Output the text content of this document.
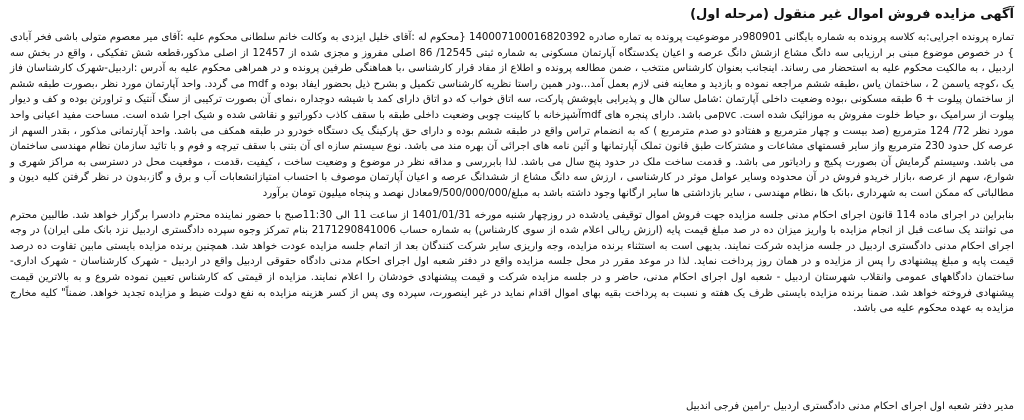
آگهی مزایده فروش اموال غیر منقول (مرحله اول)

تماره پرونده اجرایی:به کلاسه پرونده به شماره بایگانی 980901در موضوعیت پرونده به تماره صادره 140007100016820392 {محکوم له :آقای خلیل ایزدی به وکالت خانم سلطانی محکوم علیه :آقای میر معصوم متولی باشی فخر آبادی } در خصوص موضوع مبنی بر ارزیابی سه دانگ مشاع ازشش دانگ عرصه و اعیان یکدستگاه آپارتمان مسکونی به شماره ثبتی 12545/ 86 اصلی مفروز و مجزی شده از 12457 از اصلی مذکور،قطعه شش تفکیکی ، واقع در بخش سه اردبیل ، به مالکیت محکوم علیه به استحضار می رساند. اینجانب بعنوان کارشناس منتخب ، ضمن مطالعه پرونده و اطلاع از مفاد قرار کارشناسی ،با هماهنگی طرفین پرونده و در همراهی محکوم علیه به آدرس :اردبیل-شهرک کارشناسان فاز یک ،کوچه یاسمن 2 ، ساختمان یاس ،طبقه ششم مراجعه نموده و بازدید و معاینه فنی لازم بعمل آمد...ودر همین راستا نظریه کارشناسی تکمیل و بشرح ذیل بحضور ایفاد بوده و mdf می گردد. واحد آپارتمان مورد نظر ،بصورت طبقه ششم از ساختمان پیلوت + 6 طبقه مسکونی ،بوده وضعیت داخلی آپارتمان :شامل سالن هال و پذیرایی باپوشش پارکت، سه اتاق خواب که دو اتاق دارای کمد با شیشه دوجداره ،نمای آن بصورت ترکیبی از سنگ آنتیک و تراورتن بوده و کف و دیوار پیلوت از سرامیک ،و حیاط خلوت مفروش به موزائیک شده است. pvcمی باشد. دارای پنجره های mdfآشپزخانه با کابینت چوبی وضعیت داخلی طبقه با سقف کاذب دکوراتیو و نقاشی شده و شیک اجرا شده است. مساحت مفید اعیانی واحد مورد نظر 72/ 124 مترمربع (صد بیست و چهار مترمربع و هفتادو دو صدم مترمربع ) که به انضمام تراس واقع در طبقه ششم بوده و دارای حق پارکینگ یک دستگاه خودرو در طبقه همکف می باشد. واحد آپارتمانی مذکور ، بقدر السهم از عرصه کل حدود 230 مترمربع واز سایر قسمتهای مشاعات و مشترکات طبق قانون تملک آپارتمانها و آئین نامه های اجرائی آن بهره مند می باشد. نوع سیستم سازه ای آن بتنی با سقف تیرچه و فوم و با تائید سازمان نظام مهندسی ساختمان می باشد. وسیستم گرمایش آن بصورت پکیج و رادیاتور می باشد. و قدمت ساخت ملک در حدود پنج سال می باشد. لذا بابررسی و مداقه نظر در موضوع و وضعیت ساخت ، کیفیت ،قدمت ، موقعیت محل در دسترسی به مراکز شهری و شوارع، سهم از عرصه ،بازار خریدو فروش در آن محدوده وسایر عوامل موثر در کارشناسی ، ارزش سه دانگ مشاع از ششدانگ عرصه و اعیان آپارتمان موصوف با احتساب امتیازانشعابات آب و برق و گاز،بدون در نظر گرفتن کلیه دیون و مطالباتی که ممکن است به شهرداری ،بانک ها ،نظام مهندسی ، سایر بازداشتی ها سایر ارگانها وجود داشته باشد به مبلغ/9/500/000/000معادل نهصد و پنجاه میلیون تومان برآورد

بنابراین در اجرای ماده 114 قانون اجرای احکام مدنی جلسه مزایده جهت فروش اموال توقیفی یادشده در روزچهار شنبه مورخه 1401/01/31 از ساعت 11 الی 11:30صبح با حضور نماینده محترم دادسرا برگزار خواهد شد. طالبین محترم می توانند یک ساعت قبل از انجام مزایده با واریز میزان ده در صد مبلغ قیمت پایه (ارزش ریالی اعلام شده از سوی کارشناس) به شماره حساب 2171290841006 بنام تمرکز وجوه سپرده دادگستری اردبیل نزد بانک ملی ایران) در وجه اجرای احکام مدنی دادگستری اردبیل در جلسه مزایده شرکت نمایند. بدیهی است به استثناء برنده مزایده، وجه واریزی سایر شرکت کنندگان بعد از اتمام جلسه مزایده عودت خواهد شد. همچنین برنده مزایده بایستی مابین تفاوت ده درصد قیمت پایه و مبلغ پیشنهادی را پس از مزایده و در همان روز پرداخت نماید. لذا در موعد مقرر در محل جلسه مزایده واقع در دفتر شعبه اول اجرای احکام مدنی دادگاه حقوقی اردبیل واقع در اردبیل - شهرک کارشناسان - شهرک اداری- ساختمان دادگاههای عمومی وانقلاب شهرستان اردبیل - شعبه اول اجرای احکام مدنی، حاضر و در جلسه مزایده شرکت و قیمت پیشنهادی خودشان را اعلام نمایند. مزایده از قیمتی که کارشناس تعیین نموده شروع و به بالاترین قیمت پیشنهادی فروخته خواهد شد. ضمنا برنده مزایده بایستی ظرف یک هفته و نسبت به پرداخت بقیه بهای اموال اقدام نماید در غیر اینصورت، سپرده وی پس از کسر هزینه مزایده به نفع دولت ضبط و مزایده تجدید خواهد. ضمناً" کلیه مخارج مزایده به عهده محکوم علیه می باشد.

مدیر دفتر شعبه اول اجرای احکام مدنی دادگستری اردبیل -رامین فرجی اندبیل
